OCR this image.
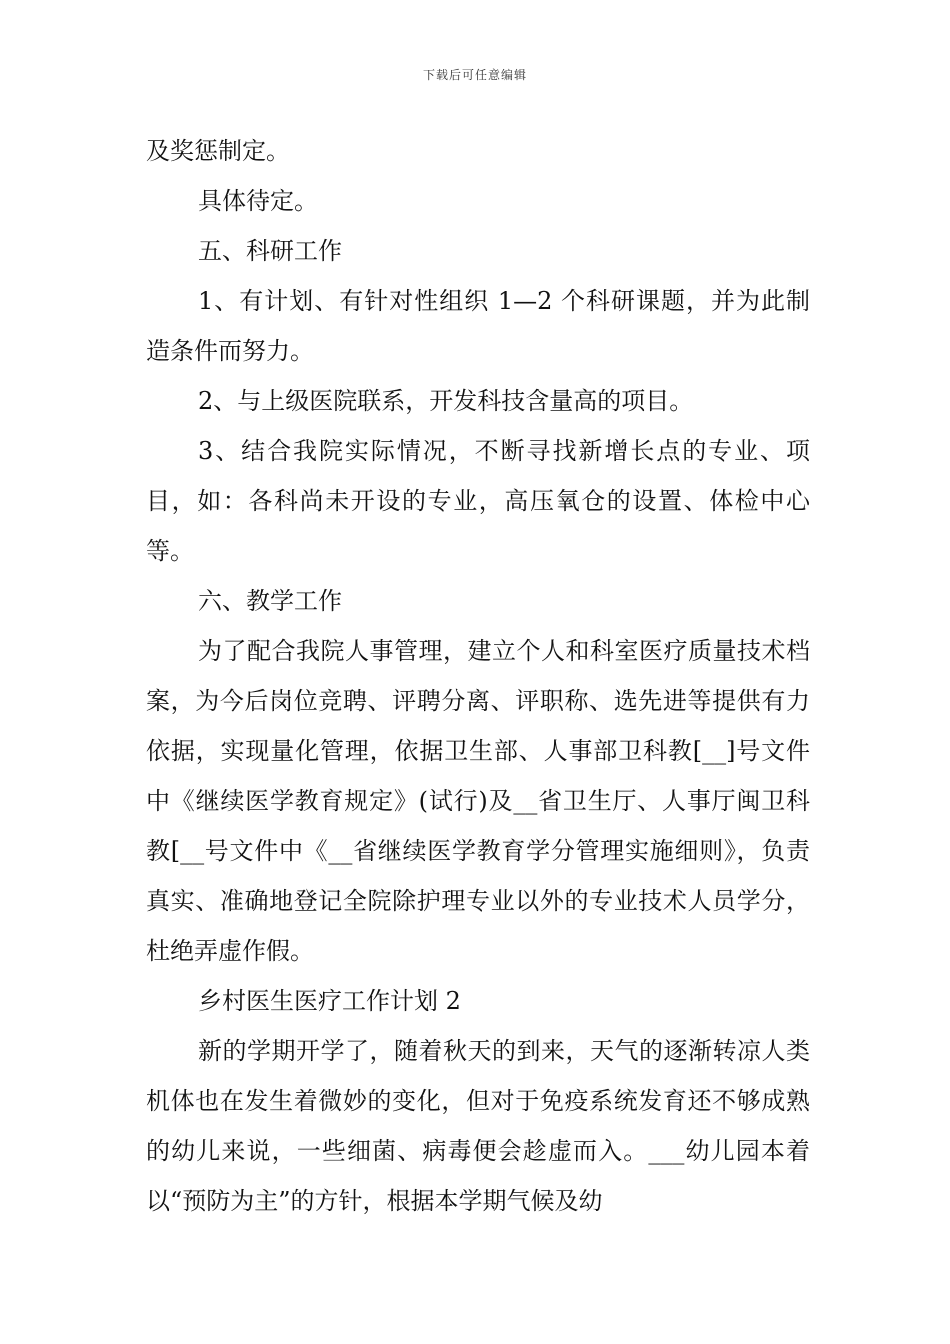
下载后可任意编辑

及奖惩制定。

具体待定。

五、科研工作

1、有计划、有针对性组织 1—2 个科研课题，并为此制造条件而努力。

2、与上级医院联系，开发科技含量高的项目。

3、结合我院实际情况，不断寻找新增长点的专业、项目，如：各科尚未开设的专业，高压氧仓的设置、体检中心等。

六、教学工作

为了配合我院人事管理，建立个人和科室医疗质量技术档案，为今后岗位竞聘、评聘分离、评职称、选先进等提供有力依据，实现量化管理，依据卫生部、人事部卫科教[__]号文件中《继续医学教育规定》(试行)及__省卫生厅、人事厅闽卫科教[__号文件中《__省继续医学教育学分管理实施细则》，负责真实、准确地登记全院除护理专业以外的专业技术人员学分，杜绝弄虚作假。

乡村医生医疗工作计划 2

新的学期开学了，随着秋天的到来，天气的逐渐转凉人类机体也在发生着微妙的变化，但对于免疫系统发育还不够成熟的幼儿来说，一些细菌、病毒便会趁虚而入。___幼儿园本着以“预防为主”的方针，根据本学期气候及幼
